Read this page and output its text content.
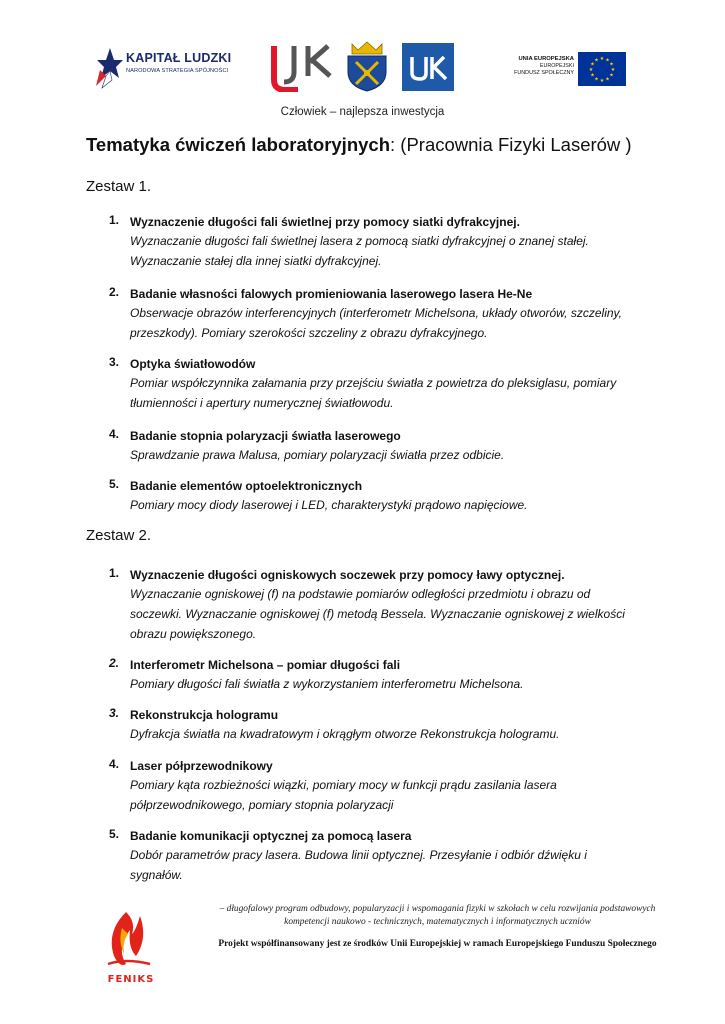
KAPITAŁ LUDZKI
NARODOWA STRATEGIA SPÓJNOŚCI
UNIA EUROPEJSKA
EUROPEJSKI
FUNDUSZ SPOŁECZNY
★ ★
★
★
★
★
★
★
★
★
★
★
Człowiek – najlepsza inwestycja
Tematyka ćwiczeń laboratoryjnych: (Pracownia Fizyki Laserów )
Zestaw 1.
1. Wyznaczenie długości fali świetlnej przy pomocy siatki dyfrakcyjnej.
Wyznaczanie długości fali świetlnej lasera z pomocą siatki dyfrakcyjnej o znanej stałej.
Wyznaczanie stałej dla innej siatki dyfrakcyjnej.
2. Badanie własności falowych promieniowania laserowego lasera He-Ne
Obserwacje obrazów interferencyjnych (interferometr Michelsona, układy otworów, szczeliny,
przeszkody). Pomiary szerokości szczeliny z obrazu dyfrakcyjnego.
3. Optyka światłowodów
Pomiar współczynnika załamania przy przejściu światła z powietrza do pleksiglasu, pomiary
tłumienności i apertury numerycznej światłowodu.
4. Badanie stopnia polaryzacji światła laserowego
Sprawdzanie prawa Malusa, pomiary polaryzacji światła przez odbicie.
5. Badanie elementów optoelektronicznych
Pomiary mocy diody laserowej i LED, charakterystyki prądowo napięciowe.
Zestaw 2.
1. Wyznaczenie długości ogniskowych soczewek przy pomocy ławy optycznej.
Wyznaczanie ogniskowej (f) na podstawie pomiarów odległości przedmiotu i obrazu od
soczewki. Wyznaczanie ogniskowej (f) metodą Bessela. Wyznaczanie ogniskowej z wielkości
obrazu powiększonego.
2. Interferometr Michelsona – pomiar długości fali
Pomiary długości fali światła z wykorzystaniem interferometru Michelsona.
3. Rekonstrukcja hologramu
Dyfrakcja światła na kwadratowym i okrągłym otworze Rekonstrukcja hologramu.
4. Laser półprzewodnikowy
Pomiary kąta rozbieżności wiązki, pomiary mocy w funkcji prądu zasilania lasera
półprzewodnikowego, pomiary stopnia polaryzacji
5. Badanie komunikacji optycznej za pomocą lasera
Dobór parametrów pracy lasera. Budowa linii optycznej. Przesyłanie i odbiór dźwięku i
sygnałów.
FENIKS
– długofalowy program odbudowy, popularyzacji i wspomagania fizyki w szkołach w celu rozwijania podstawowych
kompetencji naukowo - technicznych, matematycznych i informatycznych uczniów
Projekt współfinansowany jest ze środków Unii Europejskiej w ramach Europejskiego Funduszu Społecznego
